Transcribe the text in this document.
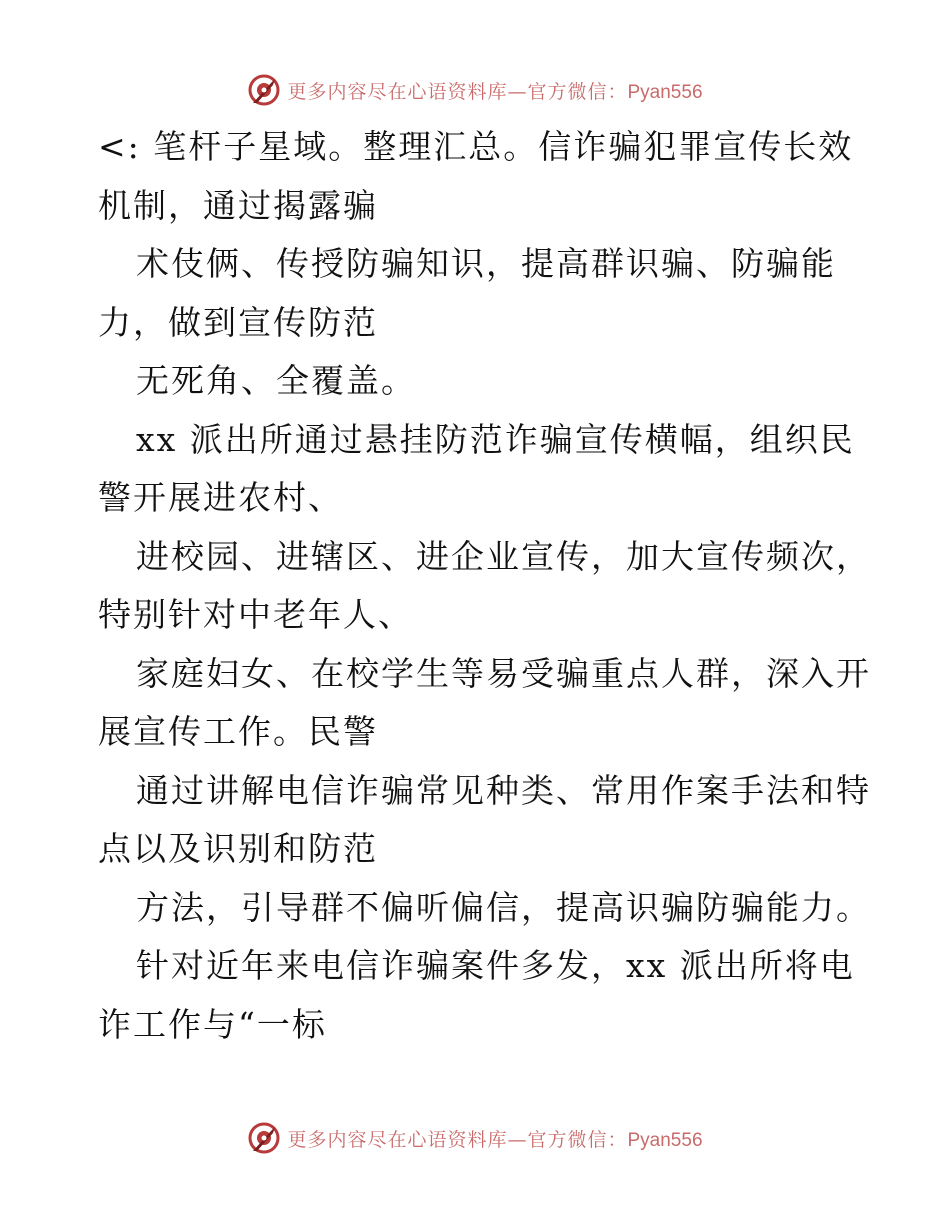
更多内容尽在心语资料库—官方微信：Pyan556
<: 笔杆子星域。整理汇总。信诈骗犯罪宣传长效
机制，通过揭露骗
术伎俩、传授防骗知识，提高群识骗、防骗能
力，做到宣传防范
无死角、全覆盖。
xx 派出所通过悬挂防范诈骗宣传横幅，组织民
警开展进农村、
进校园、进辖区、进企业宣传，加大宣传频次，
特别针对中老年人、
家庭妇女、在校学生等易受骗重点人群，深入开
展宣传工作。民警
通过讲解电信诈骗常见种类、常用作案手法和特
点以及识别和防范
方法，引导群不偏听偏信，提高识骗防骗能力。
针对近年来电信诈骗案件多发，xx 派出所将电
诈工作与“一标
更多内容尽在心语资料库—官方微信：Pyan556
